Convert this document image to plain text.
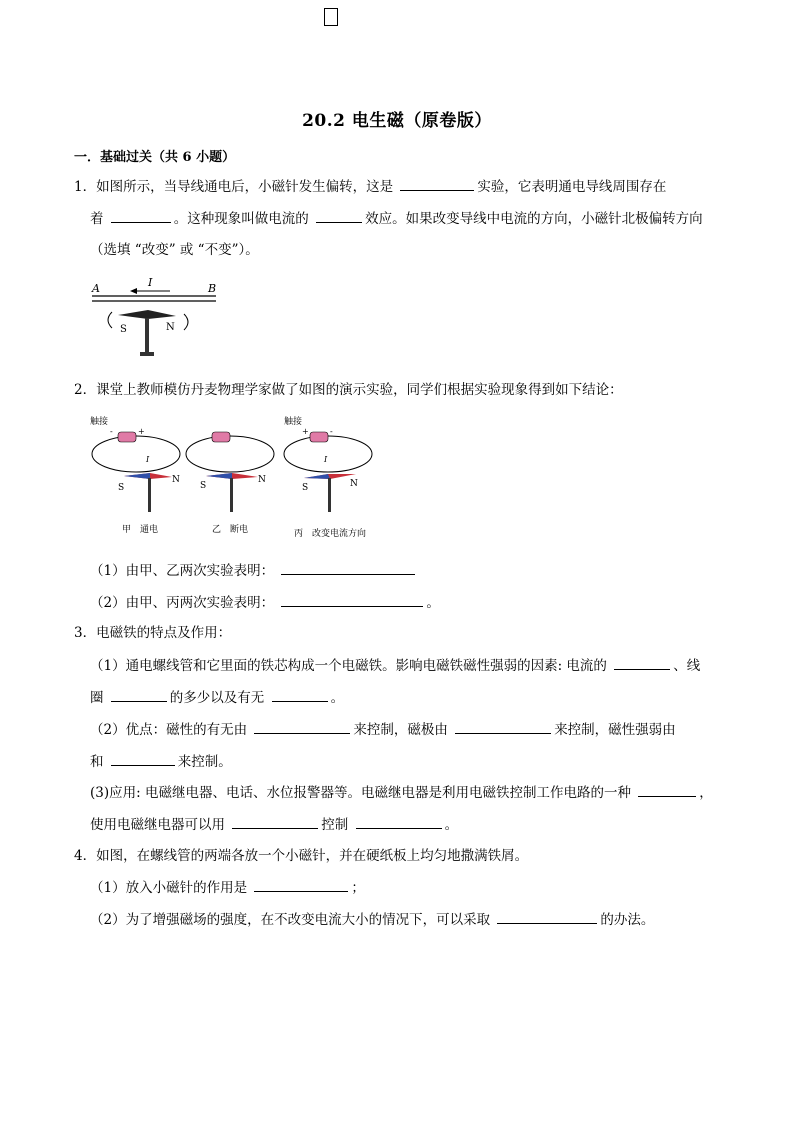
20.2 电生磁（原卷版）
一．基础过关（共 6 小题）
1．如图所示，当导线通电后，小磁针发生偏转，这是	实验，它表明通电导线周围存在
着	。这种现象叫做电流的	效应。如果改变导线中电流的方向，小磁针北极偏转方向
（选填 “改变” 或 “不变”）。
A	B
I
S	N
2．课堂上教师模仿丹麦物理学家做了如图的演示实验，同学们根据实验现象得到如下结论：
触接
-	+
I
S
N
甲　通电
S
N
乙　断电
触接
+	-
I
S	N
丙　改变电流方向
（1）由甲、乙两次实验表明：
（2）由甲、丙两次实验表明：	。
3．电磁铁的特点及作用：
（1）通电螺线管和它里面的铁芯构成一个电磁铁。影响电磁铁磁性强弱的因素: 电流的	、线
圈	的多少以及有无	。
（2）优点：磁性的有无由	来控制，磁极由	来控制，磁性强弱由
和	来控制。
(3)应用: 电磁继电器、电话、水位报警器等。电磁继电器是利用电磁铁控制工作电路的一种	，
使用电磁继电器可以用	控制	。
4．如图，在螺线管的两端各放一个小磁针，并在硬纸板上均匀地撒满铁屑。
（1）放入小磁针的作用是	；
（2）为了增强磁场的强度，在不改变电流大小的情况下，可以采取	的办法。
